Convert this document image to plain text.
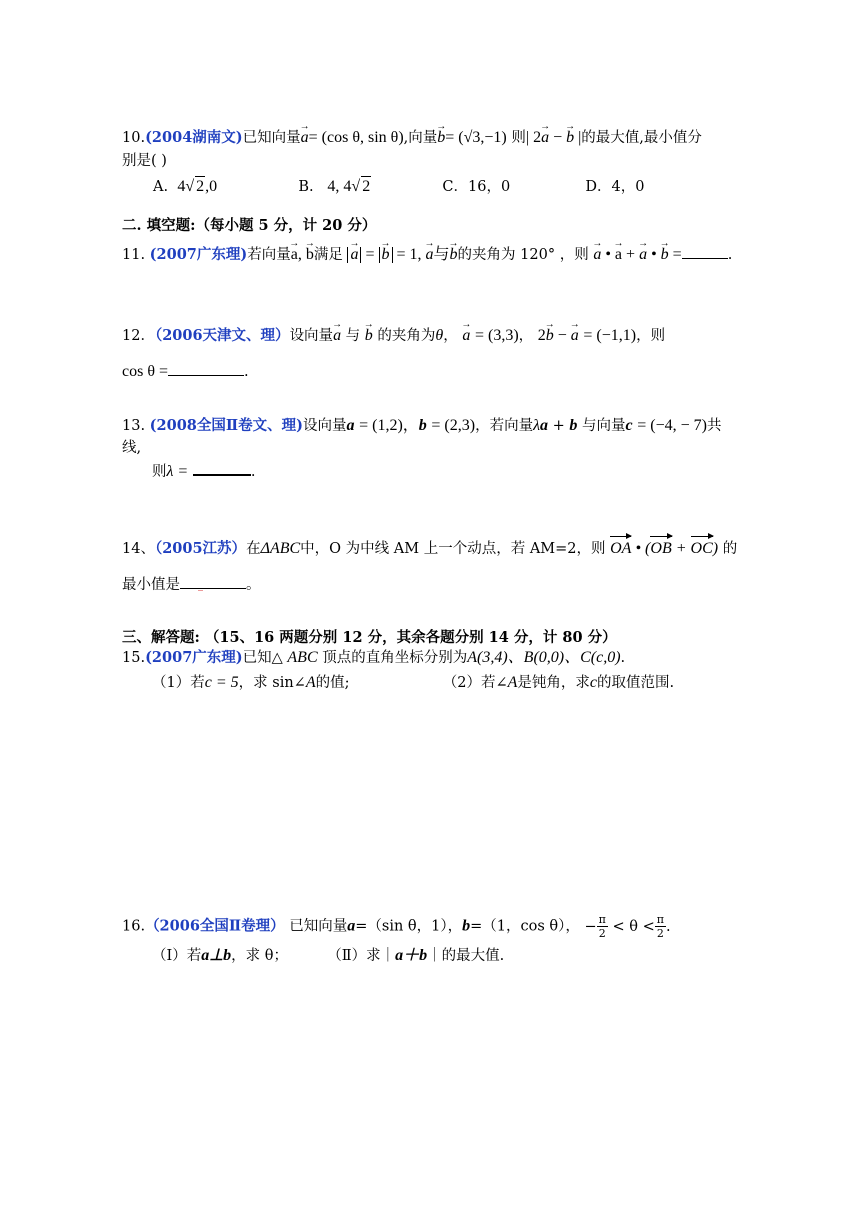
10.(2004湖南文)已知向量→ a= (cos θ, sin θ),向量→ b= (√3,−1) 则| 2→ a − → b |的最大值,最小值分
别是( )
A. 4√ 2,0	B. 4, 4√ 2	C．16，0	D．4，0
二. 填空题:（每小题 5 分，计 20 分）
11. (2007广东理)若向量→ a, → b满足 → a = → b = 1, → a与→ b的夹角为 120° ，则 → a • → a + → a • → b =	.
12．（2006天津文、理）设向量→ a 与 → b 的夹角为θ， → a = (3,3)， 2→ b − → a = (−1,1)，则
cos θ =	.
13. (2008全国Ⅱ卷文、理)设向量a = (1,2)，b = (2,3)，若向量λa + b 与向量c = (−4, − 7)共
线,
则λ =	.
14、（2005江苏）在ΔABC中，O 为中线 AM 上一个动点，若 AM=2，则 OA • (OB + OC) 的
最小值是 _	。
三、解答题: （15、16 两题分别 12 分，其余各题分别 14 分，计 80 分）
15.(2007广东理)已知△ ABC 顶点的直角坐标分别为A(3,4)、B(0,0)、C(c,0).
（1）若c = 5，求 sin∠A的值;	（2）若∠A是钝角，求c的取值范围.
16.（2006全国Ⅱ卷理） 已知向量a=（sin θ，1），b=（1，cos θ）， − $\frac{\pi}{2} < \theta < \frac{\pi}{2}$ .
（Ⅰ）若a⊥b，求 θ；	（Ⅱ）求｜a＋b｜的最大值.
